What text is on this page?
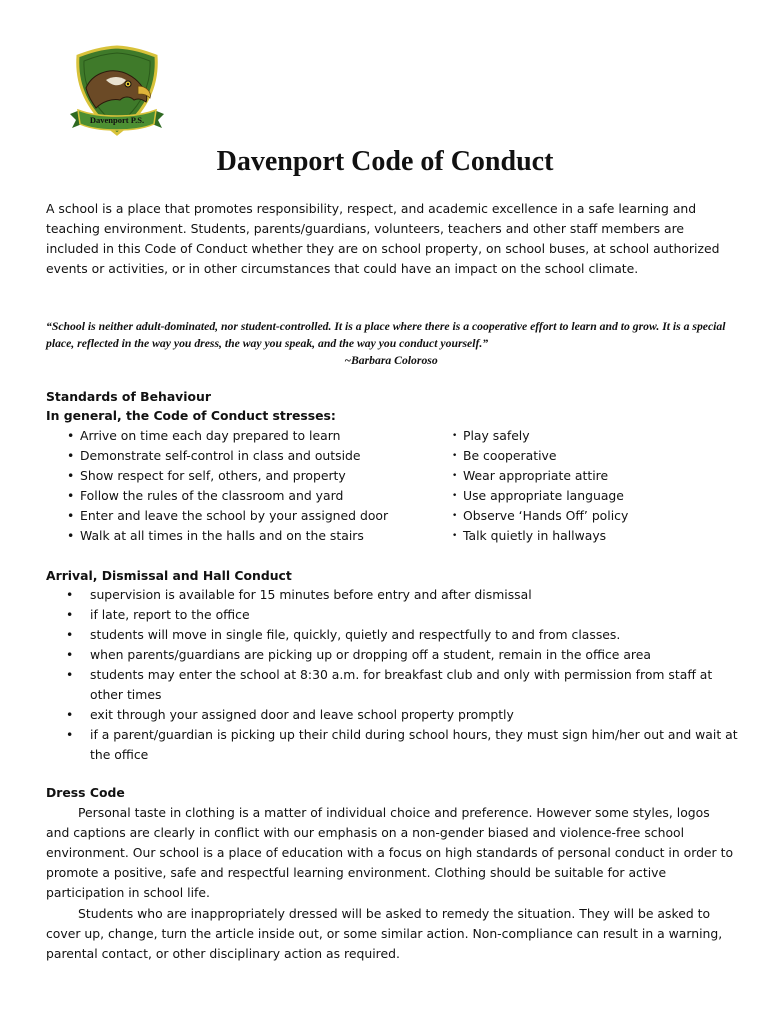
Davenport P.S.
Davenport Code of Conduct
A school is a place that promotes responsibility, respect, and academic excellence in a safe learning and teaching environment. Students, parents/guardians, volunteers, teachers and other staff members are included in this Code of Conduct whether they are on school property, on school buses, at school authorized events or activities, or in other circumstances that could have an impact on the school climate.
“School is neither adult-dominated, nor student-controlled. It is a place where there is a cooperative effort to learn and to grow. It is a special place, reflected in the way you dress, the way you speak, and the way you conduct yourself.”
~Barbara Coloroso
Standards of Behaviour
In general, the Code of Conduct stresses:
• Arrive on time each day prepared to learn
• Demonstrate self-control in class and outside
• Show respect for self, others, and property
• Follow the rules of the classroom and yard
• Enter and leave the school by your assigned door
• Walk at all times in the halls and on the stairs
• Play safely
• Be cooperative
• Wear appropriate attire
• Use appropriate language
• Observe ‘Hands Off’ policy
• Talk quietly in hallways
Arrival, Dismissal and Hall Conduct
• supervision is available for 15 minutes before entry and after dismissal
• if late, report to the office
• students will move in single file, quickly, quietly and respectfully to and from classes.
• when parents/guardians are picking up or dropping off a student, remain in the office area
• students may enter the school at 8:30 a.m. for breakfast club and only with permission from staff at other times
• exit through your assigned door and leave school property promptly
• if a parent/guardian is picking up their child during school hours, they must sign him/her out and wait at the office
Dress Code
Personal taste in clothing is a matter of individual choice and preference. However some styles, logos and captions are clearly in conflict with our emphasis on a non-gender biased and violence-free school environment. Our school is a place of education with a focus on high standards of personal conduct in order to promote a positive, safe and respectful learning environment. Clothing should be suitable for active participation in school life.
Students who are inappropriately dressed will be asked to remedy the situation. They will be asked to cover up, change, turn the article inside out, or some similar action. Non-compliance can result in a warning, parental contact, or other disciplinary action as required.
